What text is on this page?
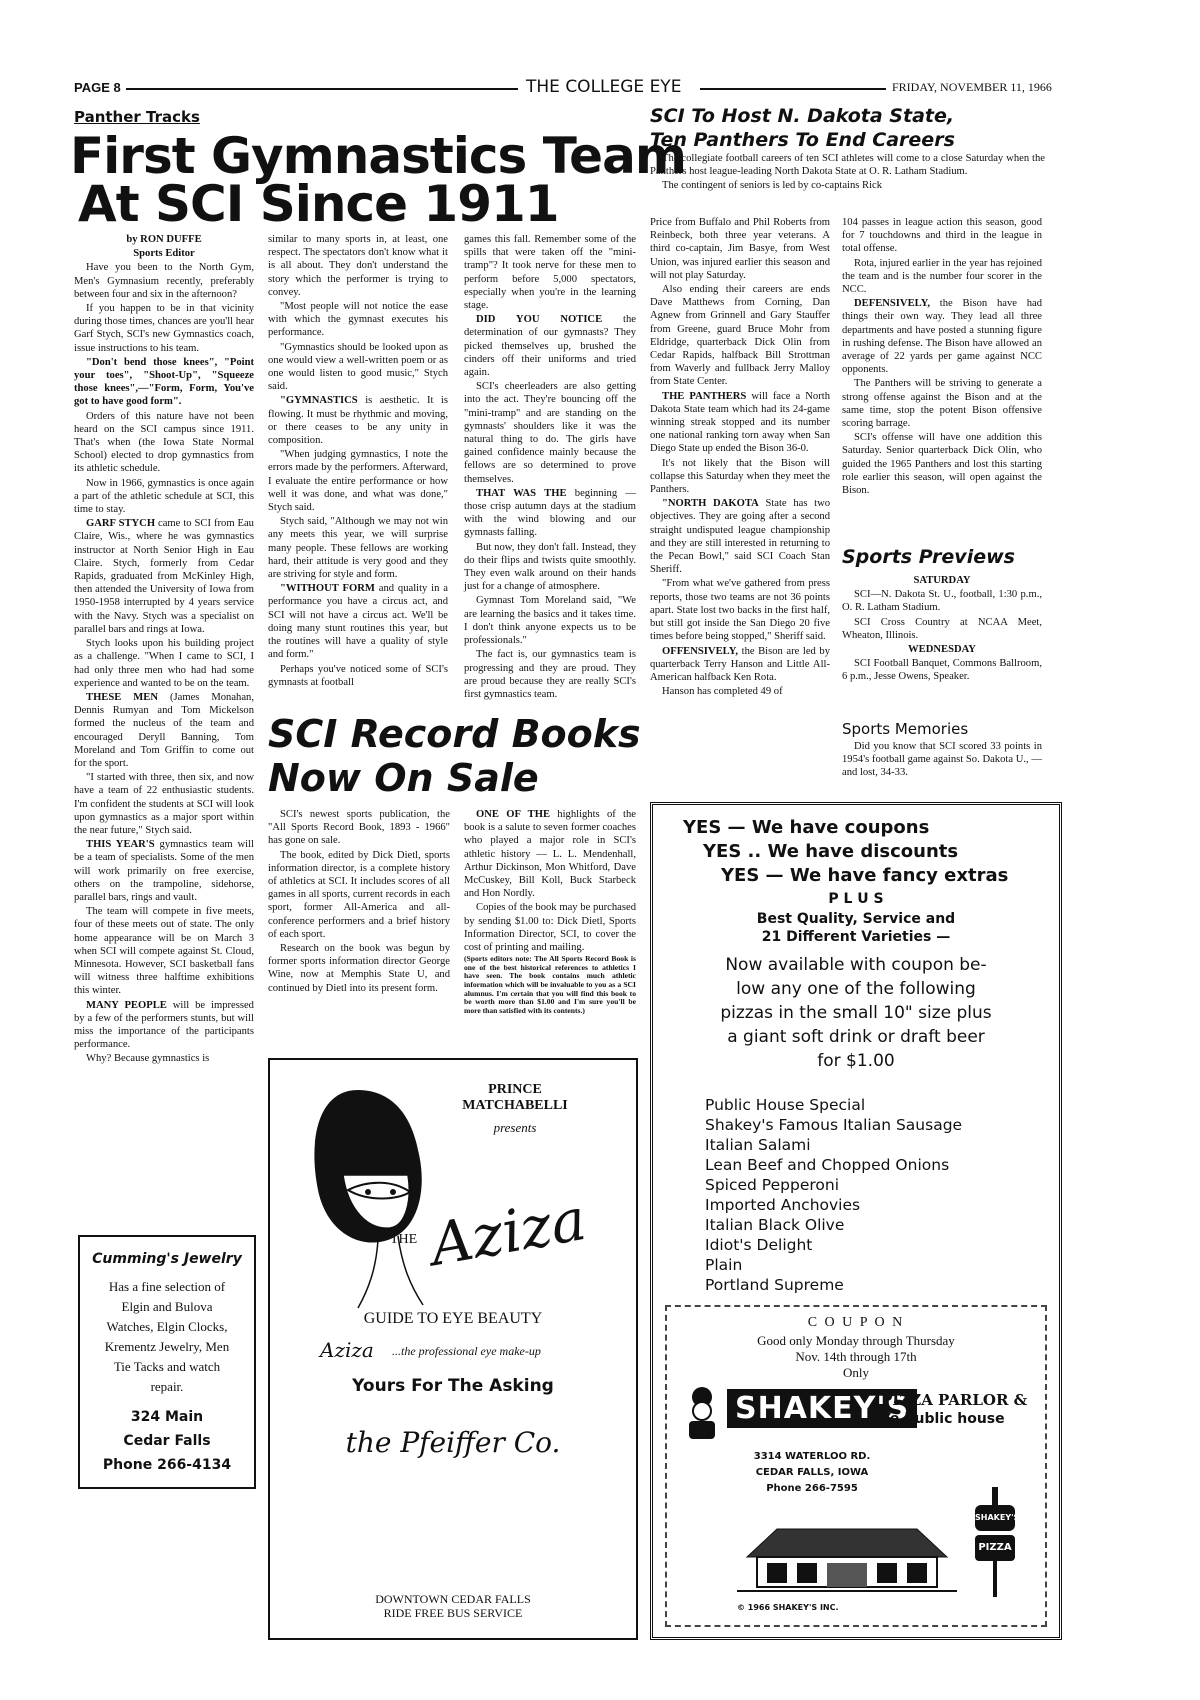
PAGE 8	THE COLLEGE EYE	FRIDAY, NOVEMBER 11, 1966
Panther Tracks
First Gymnastics Team
At SCI Since 1911

by RON DUFFE

Sports Editor

Have you been to the North Gym, Men's Gymnasium recently, preferably between four and six in the afternoon?

If you happen to be in that vicinity during those times, chances are you'll hear Garf Stych, SCI's new Gymnastics coach, issue instructions to his team.

"Don't bend those knees", "Point your toes", "Shoot-Up", "Squeeze those knees",—"Form, Form, You've got to have good form".

Orders of this nature have not been heard on the SCI campus since 1911. That's when (the Iowa State Normal School) elected to drop gymnastics from its athletic schedule.

Now in 1966, gymnastics is once again a part of the athletic schedule at SCI, this time to stay.

GARF STYCH came to SCI from Eau Claire, Wis., where he was gymnastics instructor at North Senior High in Eau Claire. Stych, formerly from Cedar Rapids, graduated from McKinley High, then attended the University of Iowa from 1950-1958 interrupted by 4 years service with the Navy. Stych was a specialist on parallel bars and rings at Iowa.

Stych looks upon his building project as a challenge. "When I came to SCI, I had only three men who had had some experience and wanted to be on the team.

THESE MEN (James Monahan, Dennis Rumyan and Tom Mickelson formed the nucleus of the team and encouraged Deryll Banning, Tom Moreland and Tom Griffin to come out for the sport.

"I started with three, then six, and now have a team of 22 enthusiastic students. I'm confident the students at SCI will look upon gymnastics as a major sport within the near future," Stych said.

THIS YEAR'S gymnastics team will be a team of specialists. Some of the men will work primarily on free exercise, others on the trampoline, sidehorse, parallel bars, rings and vault.

The team will compete in five meets, four of these meets out of state. The only home appearance will be on March 3 when SCI will compete against St. Cloud, Minnesota. However, SCI basketball fans will witness three halftime exhibitions this winter.

MANY PEOPLE will be impressed by a few of the performers stunts, but will miss the importance of the participants performance.

Why? Because gymnastics is

similar to many sports in, at least, one respect. The spectators don't know what it is all about. They don't understand the story which the performer is trying to convey.

"Most people will not notice the ease with which the gymnast executes his performance.

"Gymnastics should be looked upon as one would view a well-written poem or as one would listen to good music," Stych said.

"GYMNASTICS is aesthetic. It is flowing. It must be rhythmic and moving, or there ceases to be any unity in composition.

"When judging gymnastics, I note the errors made by the performers. Afterward, I evaluate the entire performance or how well it was done, and what was done," Stych said.

Stych said, "Although we may not win any meets this year, we will surprise many people. These fellows are working hard, their attitude is very good and they are striving for style and form.

"WITHOUT FORM and quality in a performance you have a circus act, and SCI will not have a circus act. We'll be doing many stunt routines this year, but the routines will have a quality of style and form."

Perhaps you've noticed some of SCI's gymnasts at football

games this fall. Remember some of the spills that were taken off the "mini-tramp"? It took nerve for these men to perform before 5,000 spectators, especially when you're in the learning stage.

DID YOU NOTICE the determination of our gymnasts? They picked themselves up, brushed the cinders off their uniforms and tried again.

SCI's cheerleaders are also getting into the act. They're bouncing off the "mini-tramp" and are standing on the gymnasts' shoulders like it was the natural thing to do. The girls have gained confidence mainly because the fellows are so determined to prove themselves.

THAT WAS THE beginning — those crisp autumn days at the stadium with the wind blowing and our gymnasts falling.

But now, they don't fall. Instead, they do their flips and twists quite smoothly. They even walk around on their hands just for a change of atmosphere.

Gymnast Tom Moreland said, "We are learning the basics and it takes time. I don't think anyone expects us to be professionals."

The fact is, our gymnastics team is progressing and they are proud. They are proud because they are really SCI's first gymnastics team.

SCI Record Books
Now On Sale

SCI's newest sports publication, the "All Sports Record Book, 1893 - 1966" has gone on sale.

The book, edited by Dick Dietl, sports information director, is a complete history of athletics at SCI. It includes scores of all games in all sports, current records in each sport, former All-America and all-conference performers and a brief history of each sport.

Research on the book was begun by former sports information director George Wine, now at Memphis State U, and continued by Dietl into its present form.

ONE OF THE highlights of the book is a salute to seven former coaches who played a major role in SCI's athletic history — L. L. Mendenhall, Arthur Dickinson, Mon Whitford, Dave McCuskey, Bill Koll, Buck Starbeck and Hon Nordly.

Copies of the book may be purchased by sending $1.00 to: Dick Dietl, Sports Information Director, SCI, to cover the cost of printing and mailing.

(Sports editors note: The All Sports Record Book is one of the best historical references to athletics I have seen. The book contains much athletic information which will be invaluable to you as a SCI alumnus. I'm certain that you will find this book to be worth more than $1.00 and I'm sure you'll be more than satisfied with its contents.)

SCI To Host N. Dakota State,
Ten Panthers To End Careers

The collegiate football careers of ten SCI athletes will come to a close Saturday when the Panthers host league-leading North Dakota State at O. R. Latham Stadium.

The contingent of seniors is led by co-captains Rick

Price from Buffalo and Phil Roberts from Reinbeck, both three year veterans. A third co-captain, Jim Basye, from West Union, was injured earlier this season and will not play Saturday.

Also ending their careers are ends Dave Matthews from Corning, Dan Agnew from Grinnell and Gary Stauffer from Greene, guard Bruce Mohr from Eldridge, quarterback Dick Olin from Cedar Rapids, halfback Bill Strottman from Waverly and fullback Jerry Malloy from State Center.

THE PANTHERS will face a North Dakota State team which had its 24-game winning streak stopped and its number one national ranking torn away when San Diego State up ended the Bison 36-0.

It's not likely that the Bison will collapse this Saturday when they meet the Panthers.

"NORTH DAKOTA State has two objectives. They are going after a second straight undisputed league championship and they are still interested in returning to the Pecan Bowl," said SCI Coach Stan Sheriff.

"From what we've gathered from press reports, those two teams are not 36 points apart. State lost two backs in the first half, but still got inside the San Diego 20 five times before being stopped," Sheriff said.

OFFENSIVELY, the Bison are led by quarterback Terry Hanson and Little All-American halfback Ken Rota.

Hanson has completed 49 of

104 passes in league action this season, good for 7 touchdowns and third in the league in total offense.

Rota, injured earlier in the year has rejoined the team and is the number four scorer in the NCC.

DEFENSIVELY, the Bison have had things their own way. They lead all three departments and have posted a stunning figure in rushing defense. The Bison have allowed an average of 22 yards per game against NCC opponents.

The Panthers will be striving to generate a strong offense against the Bison and at the same time, stop the potent Bison offensive scoring barrage.

SCI's offense will have one addition this Saturday. Senior quarterback Dick Olin, who guided the 1965 Panthers and lost this starting role earlier this season, will open against the Bison.

Sports Previews

SATURDAY

SCI—N. Dakota St. U., football, 1:30 p.m., O. R. Latham Stadium.

SCI Cross Country at NCAA Meet, Wheaton, Illinois.

WEDNESDAY

SCI Football Banquet, Commons Ballroom, 6 p.m., Jesse Owens, Speaker.

Sports Memories

Did you know that SCI scored 33 points in 1954's football game against So. Dakota U., — and lost, 34-33.

Cumming's Jewelry
Has a fine selection of
Elgin and Bulova
Watches, Elgin Clocks,
Krementz Jewelry, Men
Tie Tacks and watch
repair.
324 Main
Cedar Falls
Phone 266-4134
PRINCE
MATCHABELLI
presents
THE Aziza
GUIDE TO EYE BEAUTY
Aziza ...the professional eye make-up
Yours For The Asking
the Pfeiffer Co.
DOWNTOWN CEDAR FALLS
RIDE FREE BUS SERVICE
YES — We have coupons
YES .. We have discounts
YES — We have fancy extras
P L U S
Best Quality, Service and
21 Different Varieties —
Now available with coupon be-
low any one of the following
pizzas in the small 10" size plus
a giant soft drink or draft beer
for $1.00
Public House Special
Shakey's Famous Italian Sausage
Italian Salami
Lean Beef and Chopped Onions
Spiced Pepperoni
Imported Anchovies
Italian Black Olive
Idiot's Delight
Plain
Portland Supreme
C O U P O N
Good only Monday through Thursday
Nov. 14th through 17th
Only
SHAKEY'S
PIZZA PARLOR &
Ye Public house
3314 WATERLOO RD.
CEDAR FALLS, IOWA
Phone 266-7595
SHAKEY'S
PIZZA
© 1966 SHAKEY'S INC.
